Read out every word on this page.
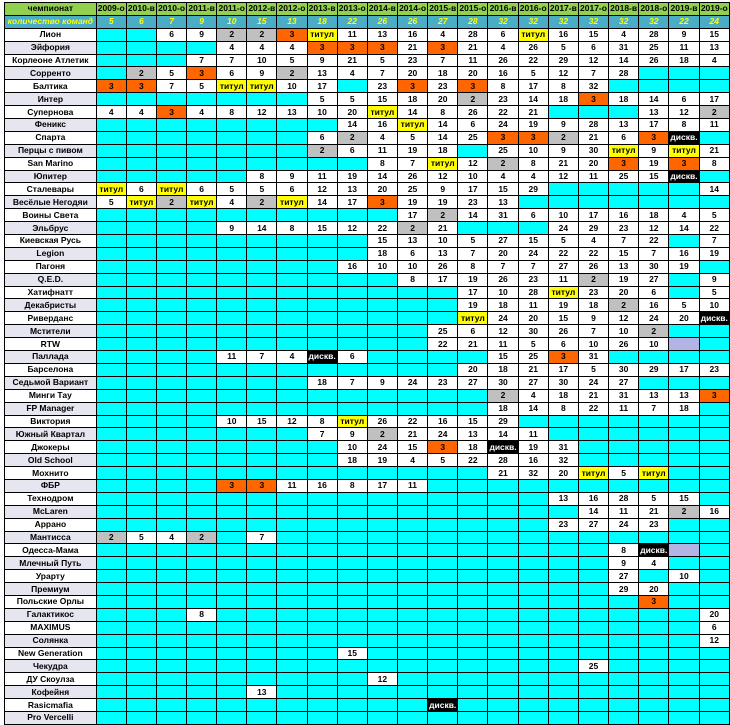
чемпионат	2009-о	2010-в	2010-о	2011-в	2011-о	2012-в	2012-о	2013-в	2013-о	2014-в	2014-о	2015-в	2015-о	2016-в	2016-о	2017-в	2017-о	2018-в	2018-о	2019-в	2019-о
количество команд	5	6	7	9	10	15	13	18	22	26	26	27	28	32	32	32	32	32	32	22	24
Лион			6	9	2	2	3	титул	11	13	16	4	28	6	титул	16	15	4	28	9	15
Эйфория					4	4	4	3	3	3	21	3	21	4	26	5	6	31	25	11	13
Корлеоне Атлетик				7	7	10	5	9	21	5	23	7	11	26	22	29	12	14	26	18	4
Сорренто		2	5	3	6	9	2	13	4	7	20	18	20	16	5	12	7	28			
Балтика	3	3	7	5	титул	титул	10	17		23	3	23	3	8	17	8	32				
Интер								5	5	15	18	20	2	23	14	18	3	18	14	6	17
Супернова	4	4	3	4	8	12	13	10	20	титул	14	8	26	22	21				13	12	2
Феникс									14	16	титул	14	6	24	19	9	28	13	17	8	11
Спарта								6	2	4	5	14	25	3	3	2	21	6	3	дискв.	
Перцы с пивом								2	6	11	19	18		25	10	9	30	титул	9	титул	21
San Marino										8	7	титул	12	2	8	21	20	3	19	3	8
Юпитер						8	9	11	19	14	26	12	10	4	4	12	11	25	15	дискв.	
Сталевары	титул	6	титул	6	5	5	6	12	13	20	25	9	17	15	29						14
Весёлые Негодяи	5	титул	2	титул	4	2	титул	14	17	3	19	19	23	13							
Воины Света											17	2	14	31	6	10	17	16	18	4	5
Эльбрус					9	14	8	15	12	22	2	21				24	29	23	12	14	22
Киевская Русь										15	13	10	5	27	15	5	4	7	22		7
Legion										18	6	13	7	20	24	22	22	15	7	16	19
Пагоня									16	10	10	26	8	7	7	27	26	13	30	19	
Q.E.D.											8	17	19	26	23	11	2	19	27		9
Хатифнатт													17	10	28	титул	23	20	6		5
Декабристы													19	18	11	19	18	2	16	5	10
Риверданс													титул	24	20	15	9	12	24	20	дискв.
Мстители												25	6	12	30	26	7	10	2		
RTW												22	21	11	5	6	10	26	10		
Паллада					11	7	4	дискв.	6					15	25	3	31				
Барселона													20	18	21	17	5	30	29	17	23
Седьмой Вариант								18	7	9	24	23	27	30	27	30	24	27			
Минги Тау														2	4	18	21	31	13	13	3
FP Manager														18	14	8	22	11	7	18	
Виктория					10	15	12	8	титул	26	22	16	15	29							
Южный Квартал								7	9	2	21	24	13	14	11						
Джокеры									10	24	15	3	18	дискв.	19	31					
Old School									18	19	4	5	22	28	16	32					
Мохнито														21	32	20	титул	5	титул		
ФБР					3	3	11	16	8	17	11										
Технодром																13	16	28	5	15	
McLaren																	14	11	21	2	16
Аррано																23	27	24	23		
Мантисса	2	5	4	2		7															
Одесса-Мама																		8	дискв.		
Млечный Путь																		9	4		
Урарту																		27		10	
Премиум																		29	20		
Польские Орлы																			3		
Галактикос				8																	20
MAXIMUS																					6
Солянка																					12
New Generation									15												
Чекудра																	25				
ДУ Скоулза										12											
Кофейня						13															
Rasicmafia												дискв.									
Pro Vercelli																					
